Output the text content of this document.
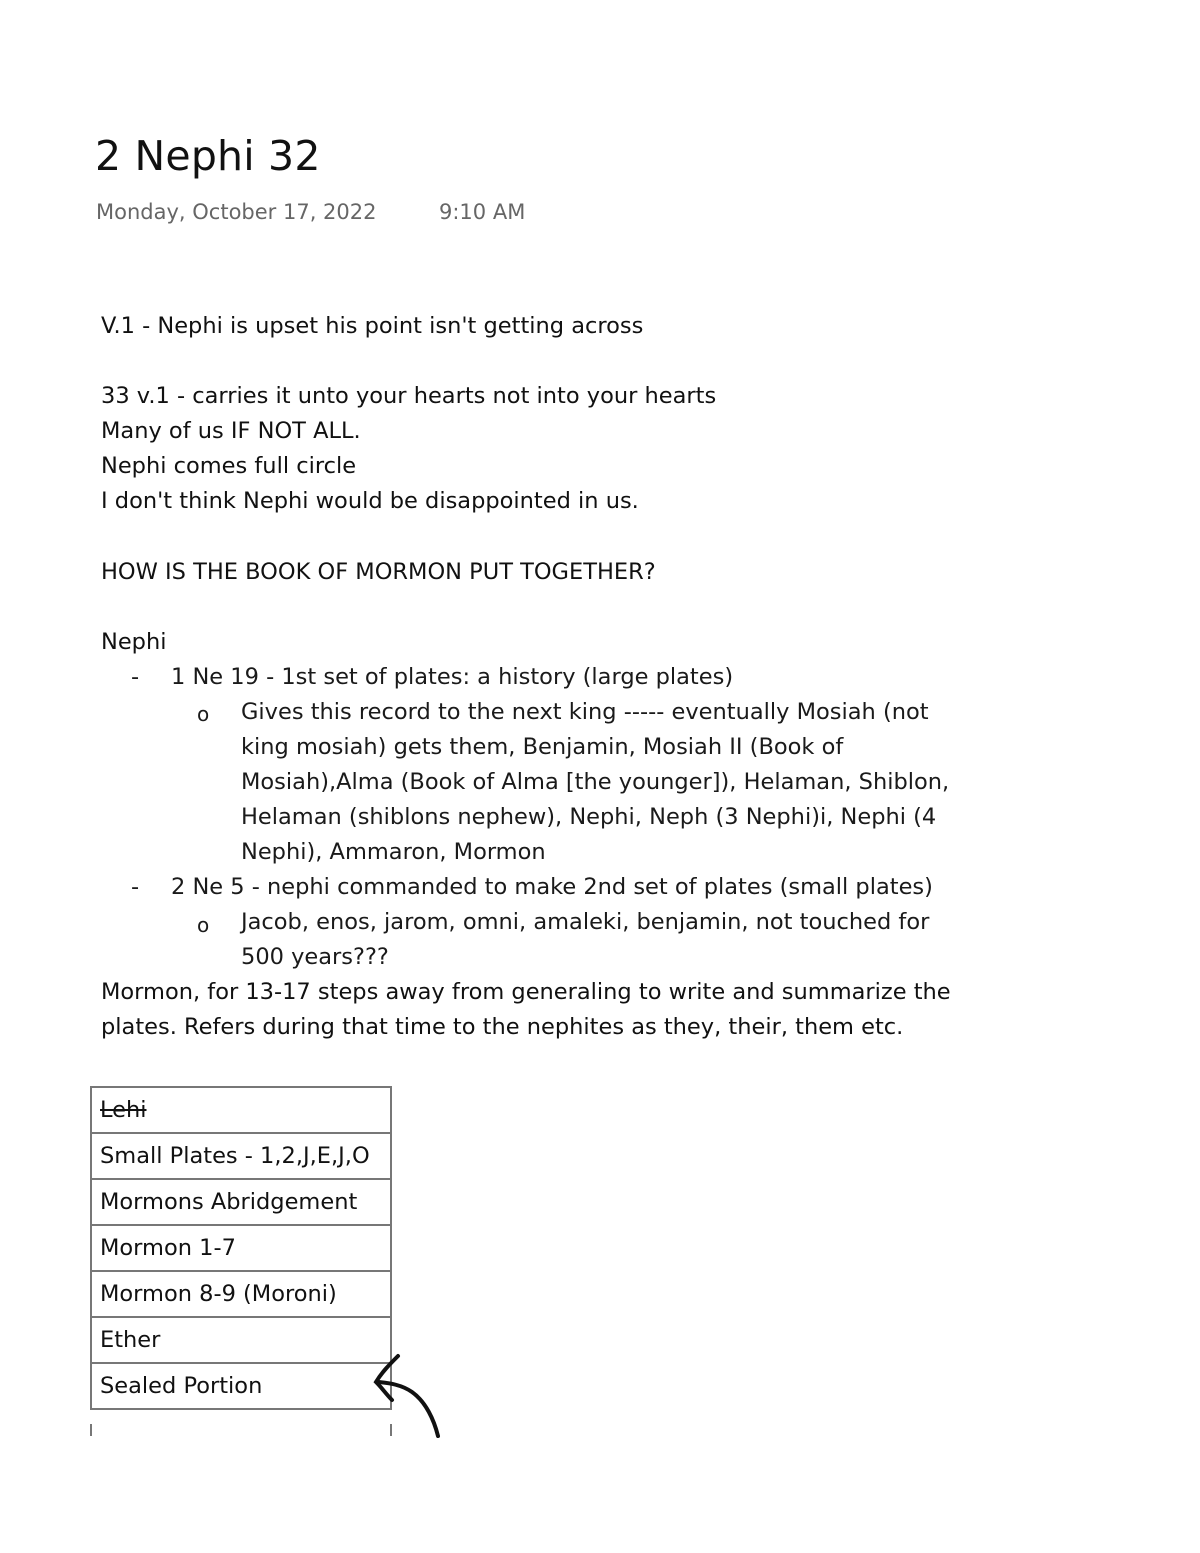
2 Nephi 32
Monday, October 17, 2022	9:10 AM
V.1 - Nephi is upset his point isn't getting across
33 v.1 - carries it unto your hearts not into your hearts
Many of us IF NOT ALL.
Nephi comes full circle
I don't think Nephi would be disappointed in us.
HOW IS THE BOOK OF MORMON PUT TOGETHER?
Nephi
- 1 Ne 19 - 1st set of plates: a history (large plates)
o Gives this record to the next king ----- eventually Mosiah (not
king mosiah) gets them, Benjamin, Mosiah II (Book of
Mosiah),Alma (Book of Alma [the younger]), Helaman, Shiblon,
Helaman (shiblons nephew), Nephi, Neph (3 Nephi)i, Nephi (4
Nephi), Ammaron, Mormon
- 2 Ne 5 - nephi commanded to make 2nd set of plates (small plates)
o Jacob, enos, jarom, omni, amaleki, benjamin, not touched for
500 years???
Mormon, for 13-17 steps away from generaling to write and summarize the
plates. Refers during that time to the nephites as they, their, them etc.
Lehi
Small Plates - 1,2,J,E,J,O
Mormons Abridgement
Mormon 1-7
Mormon 8-9 (Moroni)
Ether
Sealed Portion
